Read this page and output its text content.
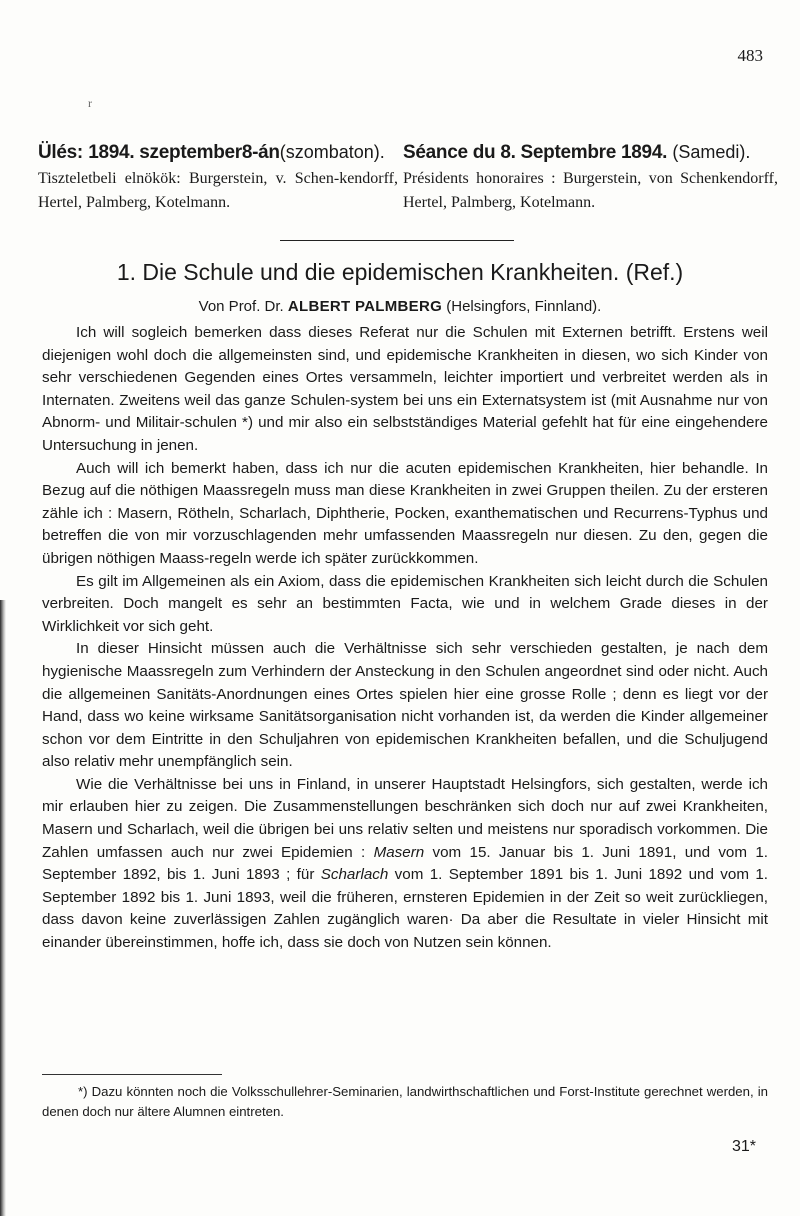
483
r
Ülés: 1894. szeptember8-án(szombaton).
Tiszteletbeli elnökök: Burgerstein, v. Schen-kendorff, Hertel, Palmberg, Kotelmann.
Séance du 8. Septembre 1894. (Samedi).
Présidents honoraires : Burgerstein, von Schenkendorff, Hertel, Palmberg, Kotelmann.
1. Die Schule und die epidemischen Krankheiten. (Ref.)
Von Prof. Dr. ALBERT PALMBERG (Helsingfors, Finnland).

Ich will sogleich bemerken dass dieses Referat nur die Schulen mit Externen betrifft. Erstens weil diejenigen wohl doch die allgemeinsten sind, und epidemische Krankheiten in diesen, wo sich Kinder von sehr verschiedenen Gegenden eines Ortes versammeln, leichter importiert und verbreitet werden als in Internaten. Zweitens weil das ganze Schulen-system bei uns ein Externatsystem ist (mit Ausnahme nur von Abnorm- und Militair-schulen *) und mir also ein selbstständiges Material gefehlt hat für eine eingehendere Untersuchung in jenen.

Auch will ich bemerkt haben, dass ich nur die acuten epidemischen Krankheiten, hier behandle. In Bezug auf die nöthigen Maassregeln muss man diese Krankheiten in zwei Gruppen theilen. Zu der ersteren zähle ich : Masern, Rötheln, Scharlach, Diphtherie, Pocken, exanthematischen und Recurrens-Typhus und betreffen die von mir vorzuschlagenden mehr umfassenden Maassregeln nur diesen. Zu den, gegen die übrigen nöthigen Maass-regeln werde ich später zurückkommen.

Es gilt im Allgemeinen als ein Axiom, dass die epidemischen Krankheiten sich leicht durch die Schulen verbreiten. Doch mangelt es sehr an bestimmten Facta, wie und in welchem Grade dieses in der Wirklichkeit vor sich geht.

In dieser Hinsicht müssen auch die Verhältnisse sich sehr verschieden gestalten, je nach dem hygienische Maassregeln zum Verhindern der Ansteckung in den Schulen angeordnet sind oder nicht. Auch die allgemeinen Sanitäts-Anordnungen eines Ortes spielen hier eine grosse Rolle ; denn es liegt vor der Hand, dass wo keine wirksame Sanitätsorganisation nicht vorhanden ist, da werden die Kinder allgemeiner schon vor dem Eintritte in den Schuljahren von epidemischen Krankheiten befallen, und die Schuljugend also relativ mehr unempfänglich sein.

Wie die Verhältnisse bei uns in Finland, in unserer Hauptstadt Helsingfors, sich gestalten, werde ich mir erlauben hier zu zeigen. Die Zusammenstellungen beschränken sich doch nur auf zwei Krankheiten, Masern und Scharlach, weil die übrigen bei uns relativ selten und meistens nur sporadisch vorkommen. Die Zahlen umfassen auch nur zwei Epidemien : Masern vom 15. Januar bis 1. Juni 1891, und vom 1. September 1892, bis 1. Juni 1893 ; für Scharlach vom 1. September 1891 bis 1. Juni 1892 und vom 1. September 1892 bis 1. Juni 1893, weil die früheren, ernsteren Epidemien in der Zeit so weit zurückliegen, dass davon keine zuverlässigen Zahlen zugänglich waren· Da aber die Resultate in vieler Hinsicht mit einander übereinstimmen, hoffe ich, dass sie doch von Nutzen sein können.

*) Dazu könnten noch die Volksschullehrer-Seminarien, landwirthschaftlichen und Forst-Institute gerechnet werden, in denen doch nur ältere Alumnen eintreten.
31*
